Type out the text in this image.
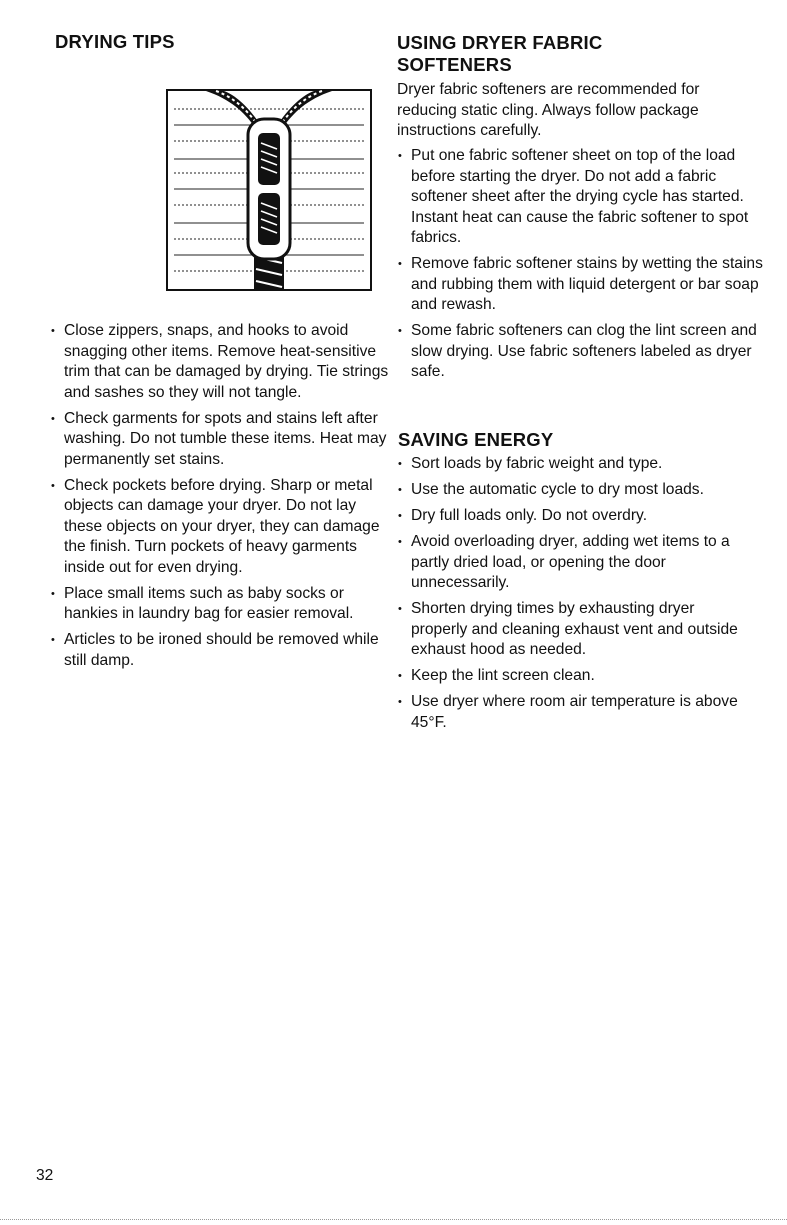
DRYING TIPS
• Close zippers, snaps, and hooks to avoid snagging other items. Remove heat-sensitive trim that can be damaged by drying. Tie strings and sashes so they will not tangle.
• Check garments for spots and stains left after washing. Do not tumble these items. Heat may permanently set stains.
• Check pockets before drying. Sharp or metal objects can damage your dryer. Do not lay these objects on your dryer, they can damage the finish. Turn pockets of heavy garments inside out for even drying.
• Place small items such as baby socks or hankies in laundry bag for easier removal.
• Articles to be ironed should be removed while still damp.
USING DRYER FABRIC SOFTENERS

Dryer fabric softeners are recommended for reducing static cling. Always follow package instructions carefully.

• Put one fabric softener sheet on top of the load before starting the dryer. Do not add a fabric softener sheet after the drying cycle has started. Instant heat can cause the fabric softener to spot fabrics.
• Remove fabric softener stains by wetting the stains and rubbing them with liquid detergent or bar soap and rewash.
• Some fabric softeners can clog the lint screen and slow drying. Use fabric softeners labeled as dryer safe.
SAVING ENERGY
• Sort loads by fabric weight and type.
• Use the automatic cycle to dry most loads.
• Dry full loads only. Do not overdry.
• Avoid overloading dryer, adding wet items to a partly dried load, or opening the door unnecessarily.
• Shorten drying times by exhausting dryer properly and cleaning exhaust vent and outside exhaust hood as needed.
• Keep the lint screen clean.
• Use dryer where room air temperature is above 45°F.
32
